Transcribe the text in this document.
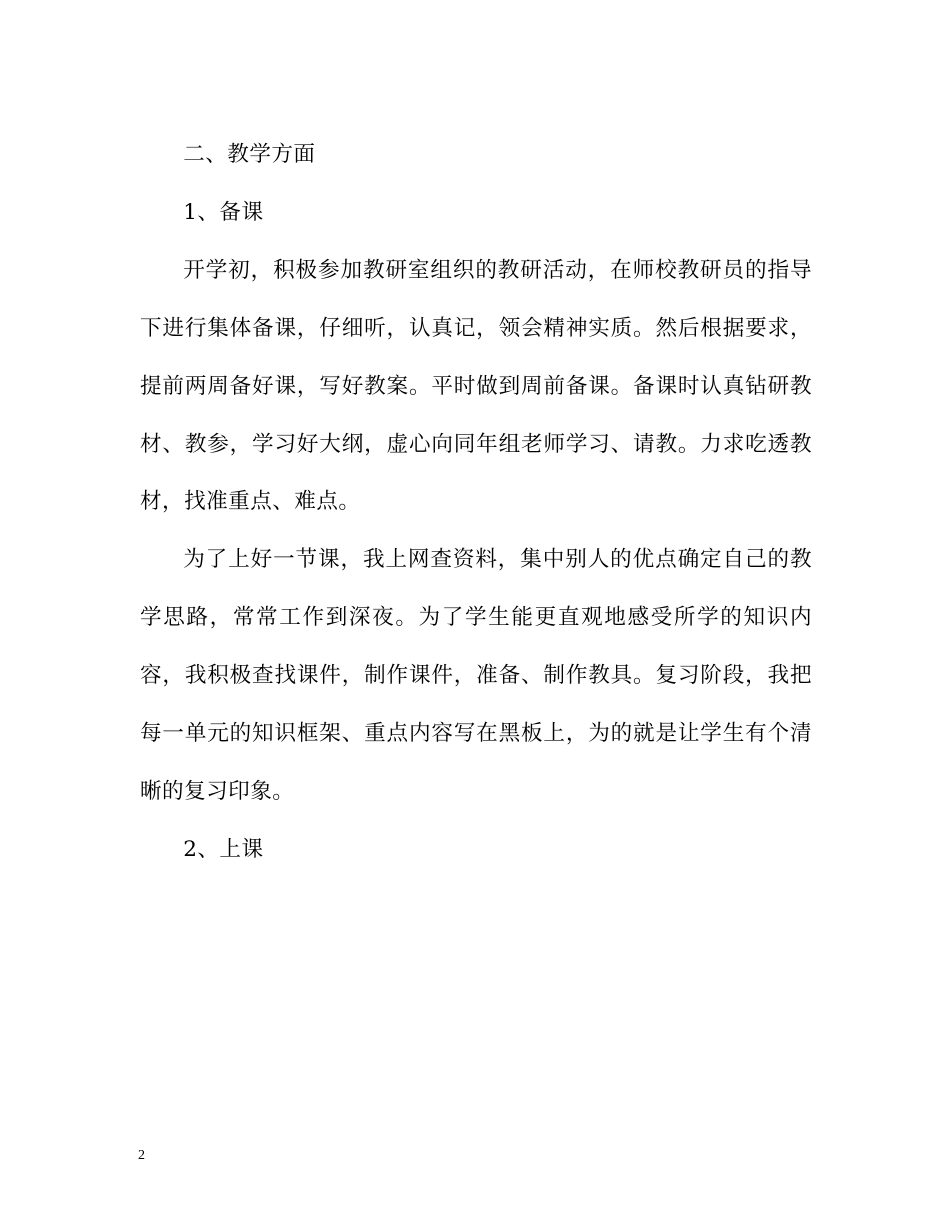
二、教学方面

1、备课

开学初，积极参加教研室组织的教研活动，在师校教研员的指导下进行集体备课，仔细听，认真记，领会精神实质。然后根据要求，提前两周备好课，写好教案。平时做到周前备课。备课时认真钻研教材、教参，学习好大纲，虚心向同年组老师学习、请教。力求吃透教材，找准重点、难点。

为了上好一节课，我上网查资料，集中别人的优点确定自己的教学思路，常常工作到深夜。为了学生能更直观地感受所学的知识内容，我积极查找课件，制作课件，准备、制作教具。复习阶段，我把每一单元的知识框架、重点内容写在黑板上，为的就是让学生有个清晰的复习印象。

2、上课

2
